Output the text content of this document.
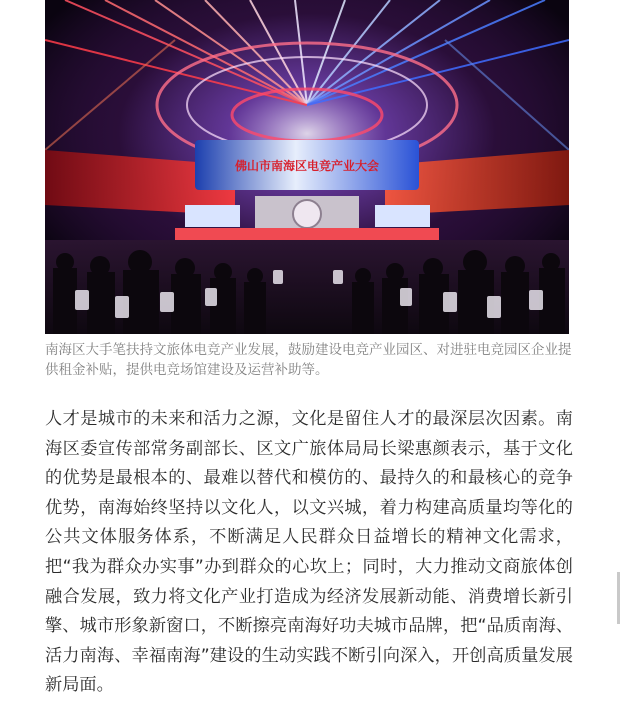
佛山市南海区电竞产业大会

南海区大手笔扶持文旅体电竞产业发展，鼓励建设电竞产业园区、对进驻电竞园区企业提供租金补贴，提供电竞场馆建设及运营补助等。

人才是城市的未来和活力之源，文化是留住人才的最深层次因素。南海区委宣传部常务副部长、区文广旅体局局长梁惠颜表示，基于文化的优势是最根本的、最难以替代和模仿的、最持久的和最核心的竞争优势，南海始终坚持以文化人，以文兴城，着力构建高质量均等化的公共文体服务体系，不断满足人民群众日益增长的精神文化需求，把“我为群众办实事”办到群众的心坎上；同时，大力推动文商旅体创融合发展，致力将文化产业打造成为经济发展新动能、消费增长新引擎、城市形象新窗口，不断擦亮南海好功夫城市品牌，把“品质南海、活力南海、幸福南海”建设的生动实践不断引向深入，开创高质量发展新局面。
